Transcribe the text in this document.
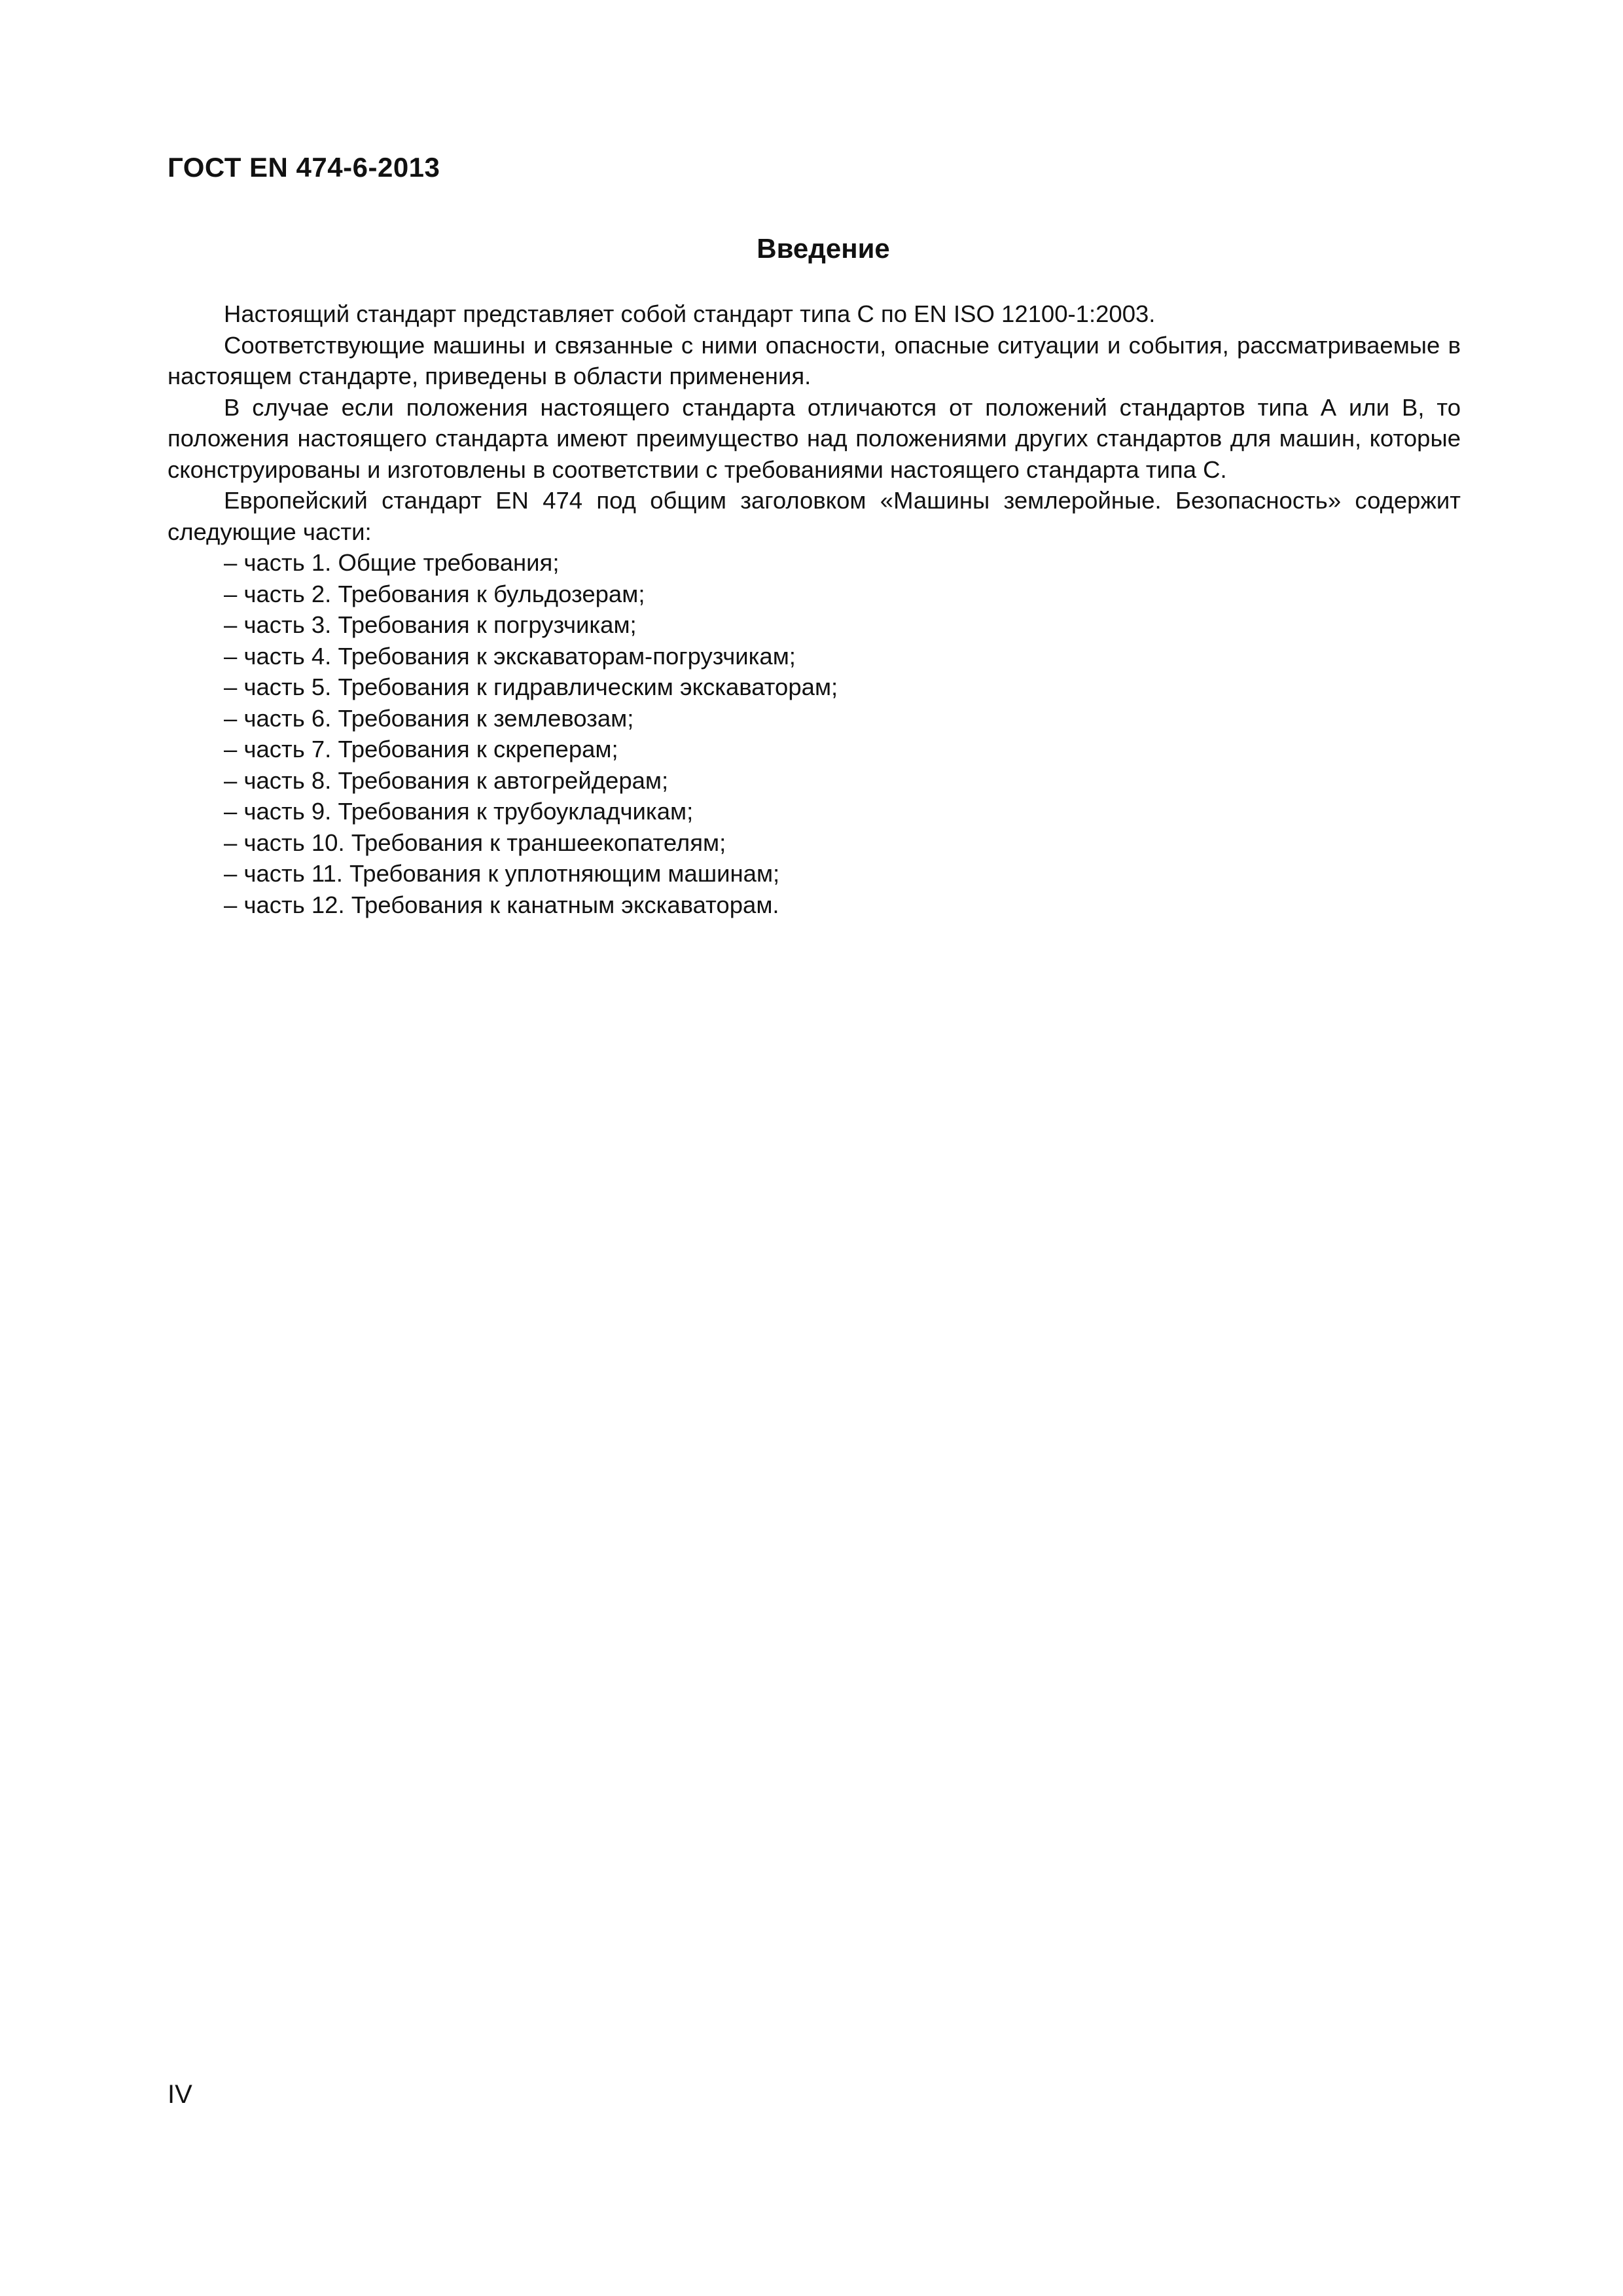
ГОСТ EN 474-6-2013
Введение

Настоящий стандарт представляет собой стандарт типа С по EN ISO 12100-1:2003.

Соответствующие машины и связанные с ними опасности, опасные ситуации и события, рассматриваемые в настоящем стандарте, приведены в области применения.

В случае если положения настоящего стандарта отличаются от положений стандартов типа А или В, то положения настоящего стандарта имеют преимущество над положениями других стандартов для машин, которые сконструированы и изготовлены в соответствии с требованиями настоящего стандарта типа С.

Европейский стандарт EN 474 под общим заголовком «Машины землеройные. Безопасность» содержит следующие части:

– часть 1. Общие требования;
– часть 2. Требования к бульдозерам;
– часть 3. Требования к погрузчикам;
– часть 4. Требования к экскаваторам-погрузчикам;
– часть 5. Требования к гидравлическим экскаваторам;
– часть 6. Требования к землевозам;
– часть 7. Требования к скреперам;
– часть 8. Требования к автогрейдерам;
– часть 9. Требования к трубоукладчикам;
– часть 10. Требования к траншеекопателям;
– часть 11. Требования к уплотняющим машинам;
– часть 12. Требования к канатным экскаваторам.
IV
